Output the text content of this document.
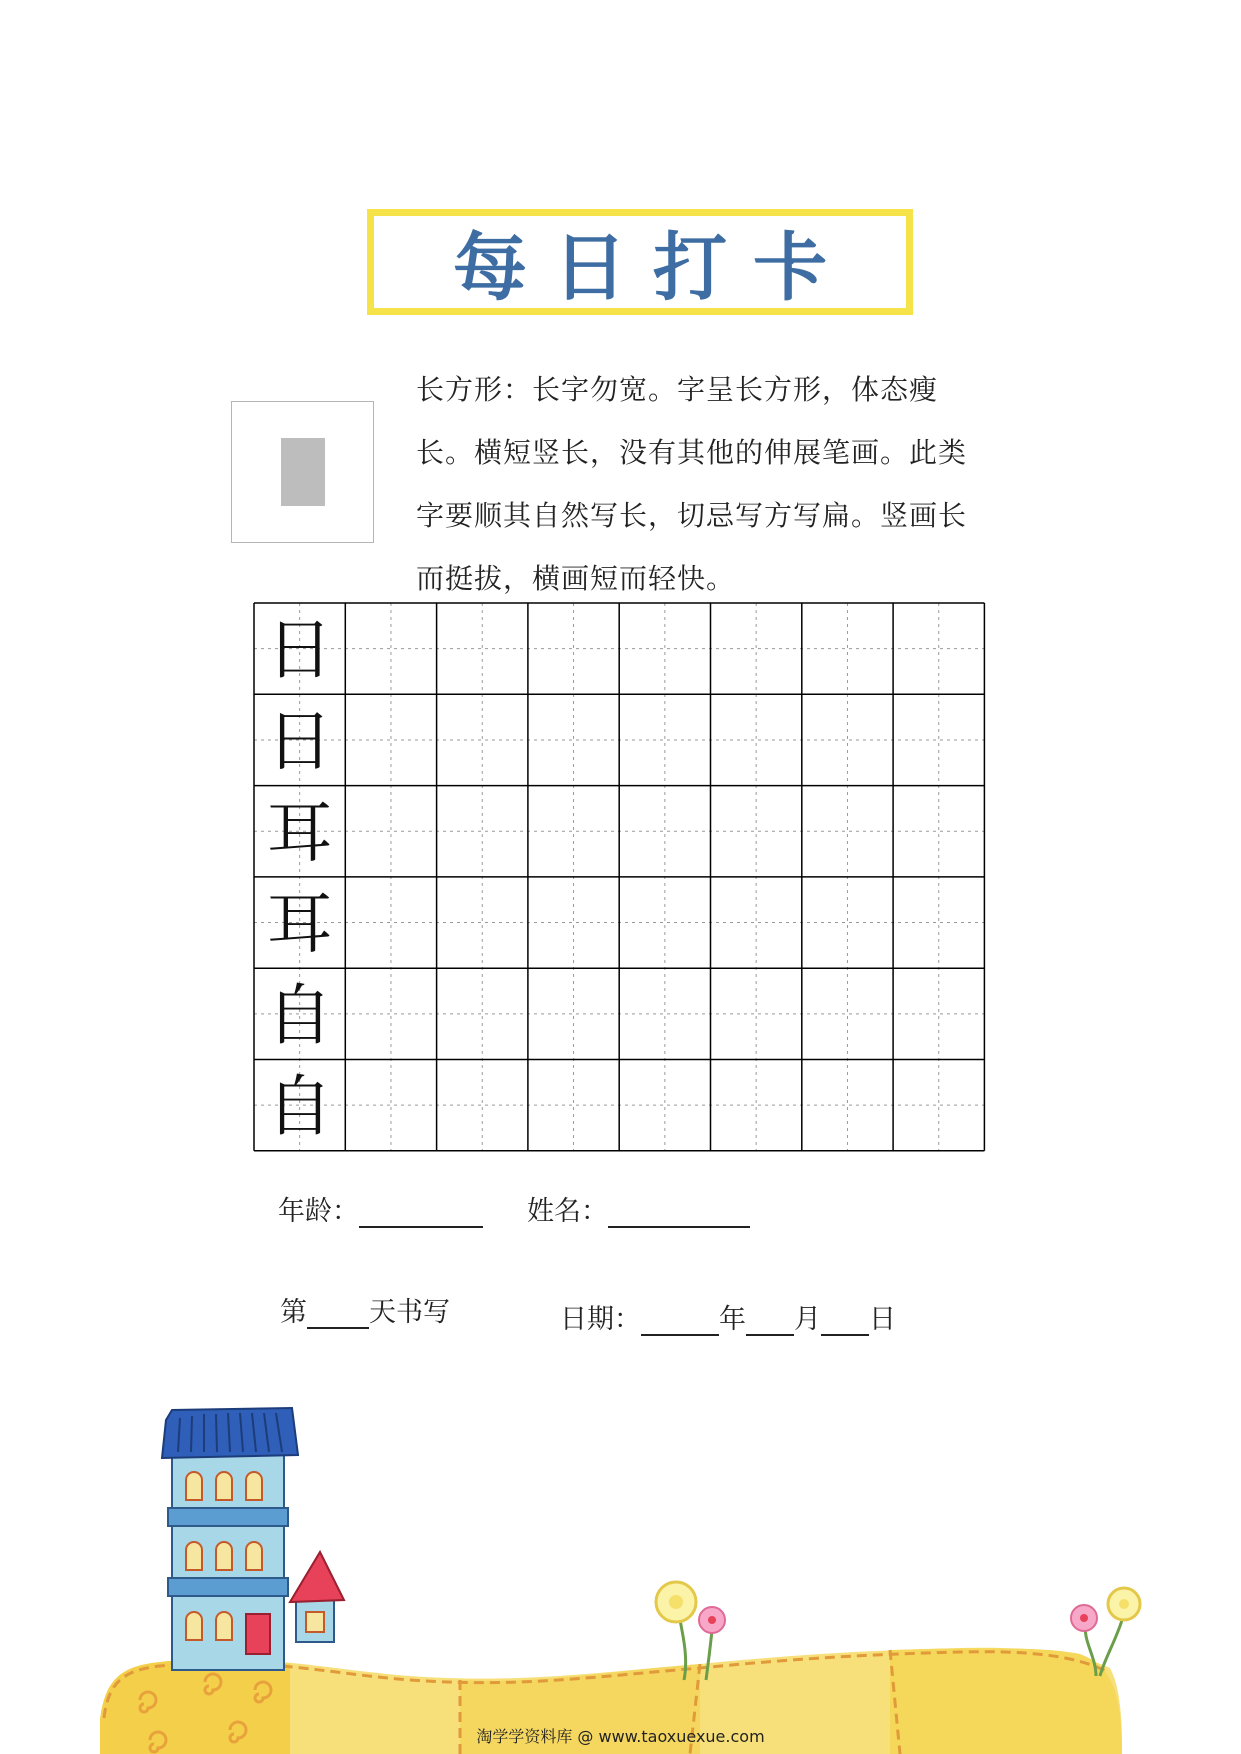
每日打卡
长方形：长字勿宽。字呈长方形，体态瘦长。横短竖长，没有其他的伸展笔画。此类字要顺其自然写长，切忌写方写扁。竖画长而挺拔，横画短而轻快。
日
日
耳
耳
自
自
年龄：	姓名：
第 天书写	日期：	年 月 日
淘学学资料库 @ www.taoxuexue.com
